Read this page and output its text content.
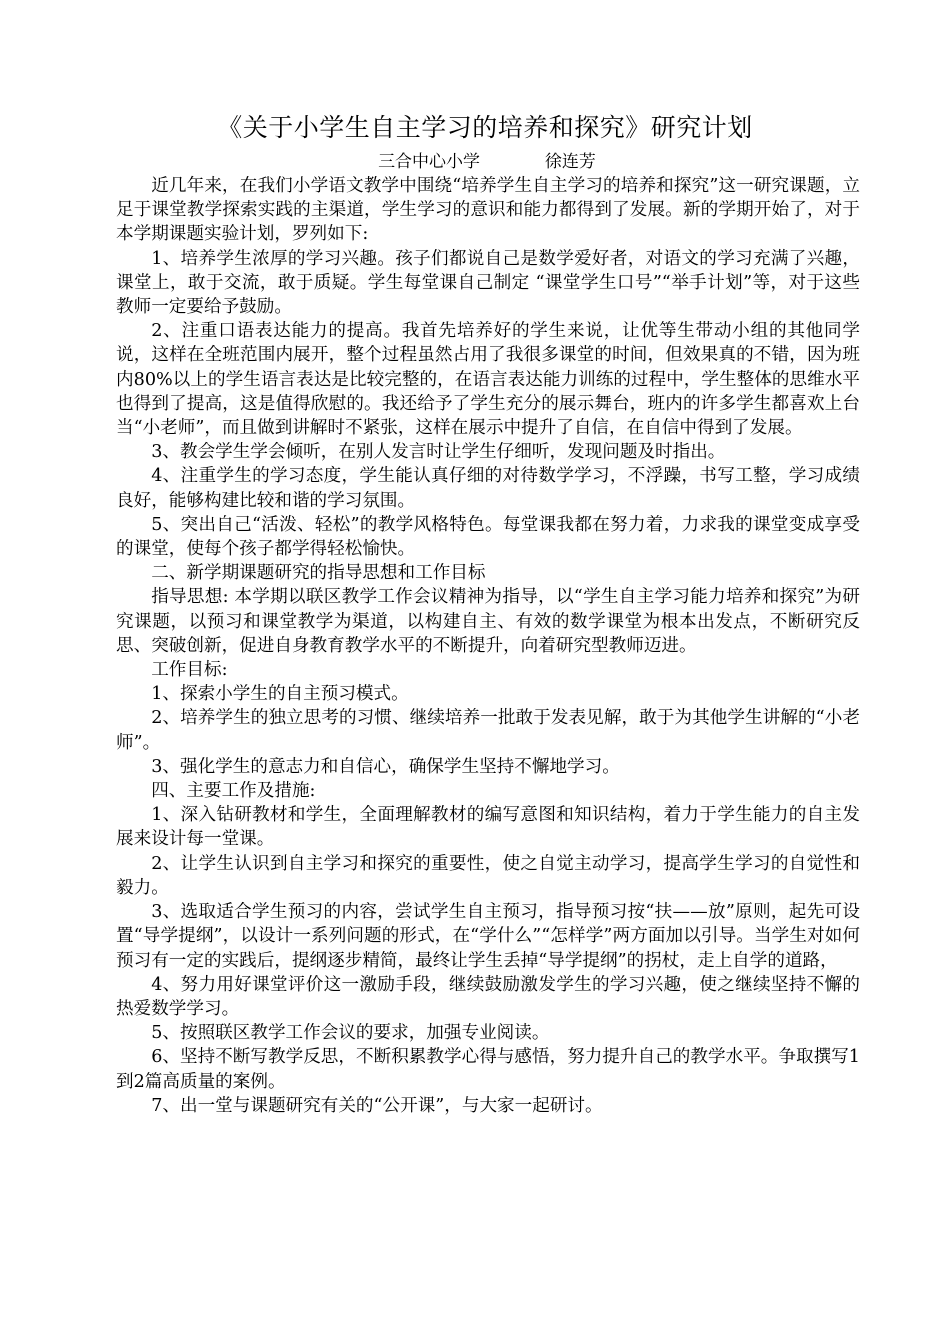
《关于小学生自主学习的培养和探究》研究计划
三合中心小学            徐连芳

近几年来，在我们小学语文教学中围绕“培养学生自主学习的培养和探究”这一研究课题，立足于课堂教学探索实践的主渠道，学生学习的意识和能力都得到了发展。新的学期开始了，对于本学期课题实验计划，罗列如下:

1、培养学生浓厚的学习兴趣。孩子们都说自己是数学爱好者，对语文的学习充满了兴趣，课堂上，敢于交流，敢于质疑。学生每堂课自己制定 “课堂学生口号”“举手计划”等，对于这些教师一定要给予鼓励。

2、注重口语表达能力的提高。我首先培养好的学生来说，让优等生带动小组的其他同学说，这样在全班范围内展开，整个过程虽然占用了我很多课堂的时间，但效果真的不错，因为班内80%以上的学生语言表达是比较完整的，在语言表达能力训练的过程中，学生整体的思维水平也得到了提高，这是值得欣慰的。我还给予了学生充分的展示舞台，班内的许多学生都喜欢上台当“小老师”，而且做到讲解时不紧张，这样在展示中提升了自信，在自信中得到了发展。

3、教会学生学会倾听，在别人发言时让学生仔细听，发现问题及时指出。

4、注重学生的学习态度，学生能认真仔细的对待数学学习，不浮躁，书写工整，学习成绩良好，能够构建比较和谐的学习氛围。

5、突出自己“活泼、轻松”的教学风格特色。每堂课我都在努力着，力求我的课堂变成享受的课堂，使每个孩子都学得轻松愉快。

二、新学期课题研究的指导思想和工作目标

指导思想: 本学期以联区教学工作会议精神为指导，以“学生自主学习能力培养和探究”为研究课题，以预习和课堂教学为渠道，以构建自主、有效的数学课堂为根本出发点，不断研究反思、突破创新，促进自身教育教学水平的不断提升，向着研究型教师迈进。

工作目标:

1、探索小学生的自主预习模式。

2、培养学生的独立思考的习惯、继续培养一批敢于发表见解，敢于为其他学生讲解的“小老师”。

3、强化学生的意志力和自信心，确保学生坚持不懈地学习。

四、主要工作及措施:

1、深入钻研教材和学生，全面理解教材的编写意图和知识结构，着力于学生能力的自主发展来设计每一堂课。

2、让学生认识到自主学习和探究的重要性，使之自觉主动学习，提高学生学习的自觉性和毅力。

3、选取适合学生预习的内容，尝试学生自主预习，指导预习按“扶——放”原则，起先可设置“导学提纲”，以设计一系列问题的形式，在“学什么”“怎样学”两方面加以引导。当学生对如何预习有一定的实践后，提纲逐步精简，最终让学生丢掉“导学提纲”的拐杖，走上自学的道路，

4、努力用好课堂评价这一激励手段，继续鼓励激发学生的学习兴趣，使之继续坚持不懈的热爱数学学习。

5、按照联区教学工作会议的要求，加强专业阅读。

6、坚持不断写教学反思，不断积累教学心得与感悟，努力提升自己的教学水平。争取撰写1到2篇高质量的案例。

7、出一堂与课题研究有关的“公开课”，与大家一起研讨。
